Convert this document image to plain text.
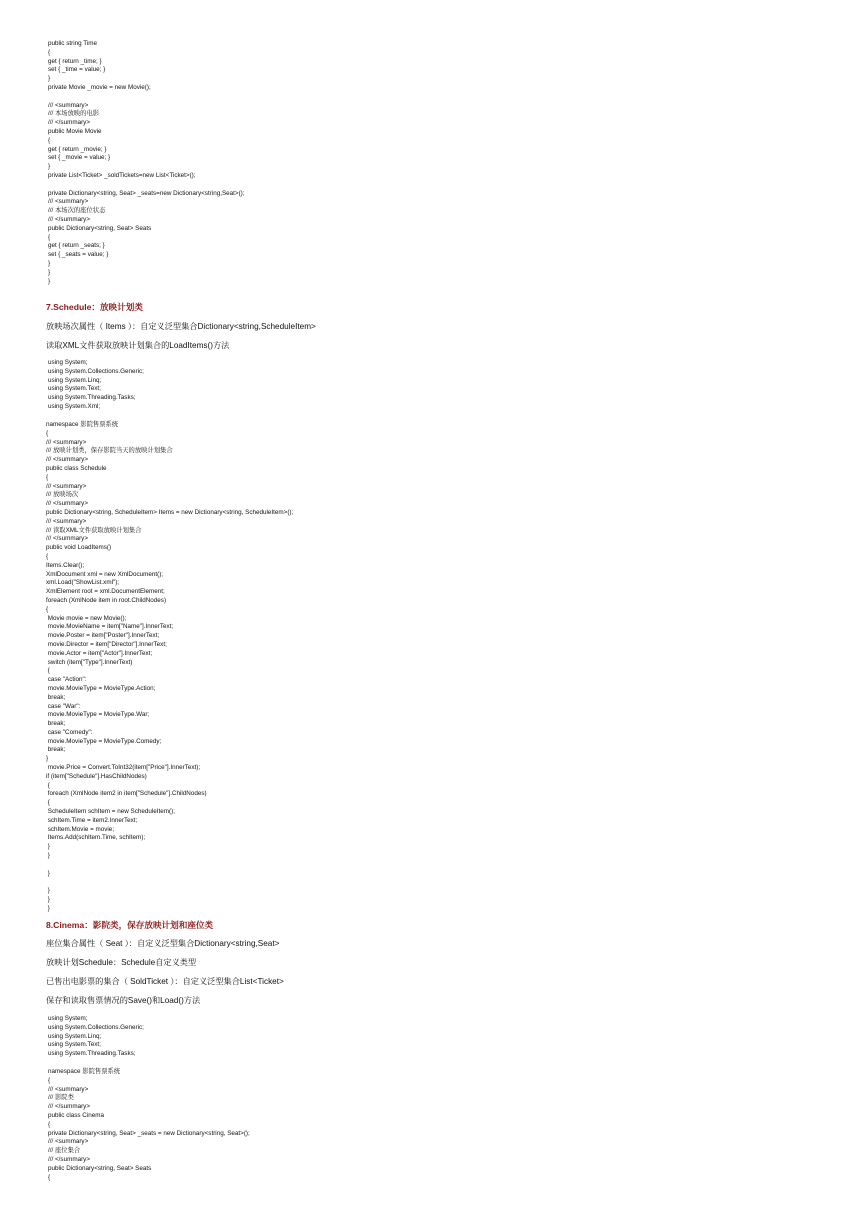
public string Time
{
get { return _time; }
set { _time = value; }
}
private Movie _movie = new Movie();
/// <summary>
/// 本场放映的电影
/// </summary>
public Movie Movie
{
get { return _movie; }
set { _movie = value; }
}
private List<Ticket> _soldTickets=new List<Ticket>();
private Dictionary<string, Seat> _seats=new Dictionary<string,Seat>();
/// <summary>
/// 本场次的座位状态
/// </summary>
public Dictionary<string, Seat> Seats
{
get { return _seats; }
set { _seats = value; }
}
}
}
7.Schedule：放映计划类
放映场次属性（ Items ）：自定义泛型集合Dictionary<string,ScheduleItem>
读取XML文件获取放映计划集合的LoadItems()方法
using System;
using System.Collections.Generic;
using System.Linq;
using System.Text;
using System.Threading.Tasks;
using System.Xml;
namespace 影院售票系统
{
/// <summary>
/// 放映计划类，保存影院当天的放映计划集合
/// </summary>
public class Schedule
{
/// <summary>
/// 放映场次
/// </summary>
public Dictionary<string, ScheduleItem> Items = new Dictionary<string, ScheduleItem>();
/// <summary>
/// 读取XML文件获取放映计划集合
/// </summary>
public void LoadItems()
{
Items.Clear();
XmlDocument xml = new XmlDocument();
xml.Load("ShowList.xml");
XmlElement root = xml.DocumentElement;
foreach (XmlNode item in root.ChildNodes)
{
Movie movie = new Movie();
movie.MovieName = item["Name"].InnerText;
movie.Poster = item["Poster"].InnerText;
movie.Director = item["Director"].InnerText;
movie.Actor = item["Actor"].InnerText;
switch (item["Type"].InnerText)
{
case "Action":
movie.MovieType = MovieType.Action;
break;
case "War":
movie.MovieType = MovieType.War;
break;
case "Comedy":
movie.MovieType = MovieType.Comedy;
break;
}
movie.Price = Convert.ToInt32(item["Price"].InnerText);
if (item["Schedule"].HasChildNodes)
{
foreach (XmlNode item2 in item["Schedule"].ChildNodes)
{
ScheduleItem schItem = new ScheduleItem();
schItem.Time = item2.InnerText;
schItem.Movie = movie;
Items.Add(schItem.Time, schItem);
}
}
}
}
}
}
8.Cinema：影院类，保存放映计划和座位类
座位集合属性（ Seat ）：自定义泛型集合Dictionary<string,Seat>
放映计划Schedule：Schedule自定义类型
已售出电影票的集合（ SoldTicket ）：自定义泛型集合List<Ticket>
保存和读取售票情况的Save()和Load()方法
using System;
using System.Collections.Generic;
using System.Linq;
using System.Text;
using System.Threading.Tasks;
namespace 影院售票系统
{
/// <summary>
/// 影院类
/// </summary>
public class Cinema
{
private Dictionary<string, Seat> _seats = new Dictionary<string, Seat>();
/// <summary>
/// 座位集合
/// </summary>
public Dictionary<string, Seat> Seats
{
